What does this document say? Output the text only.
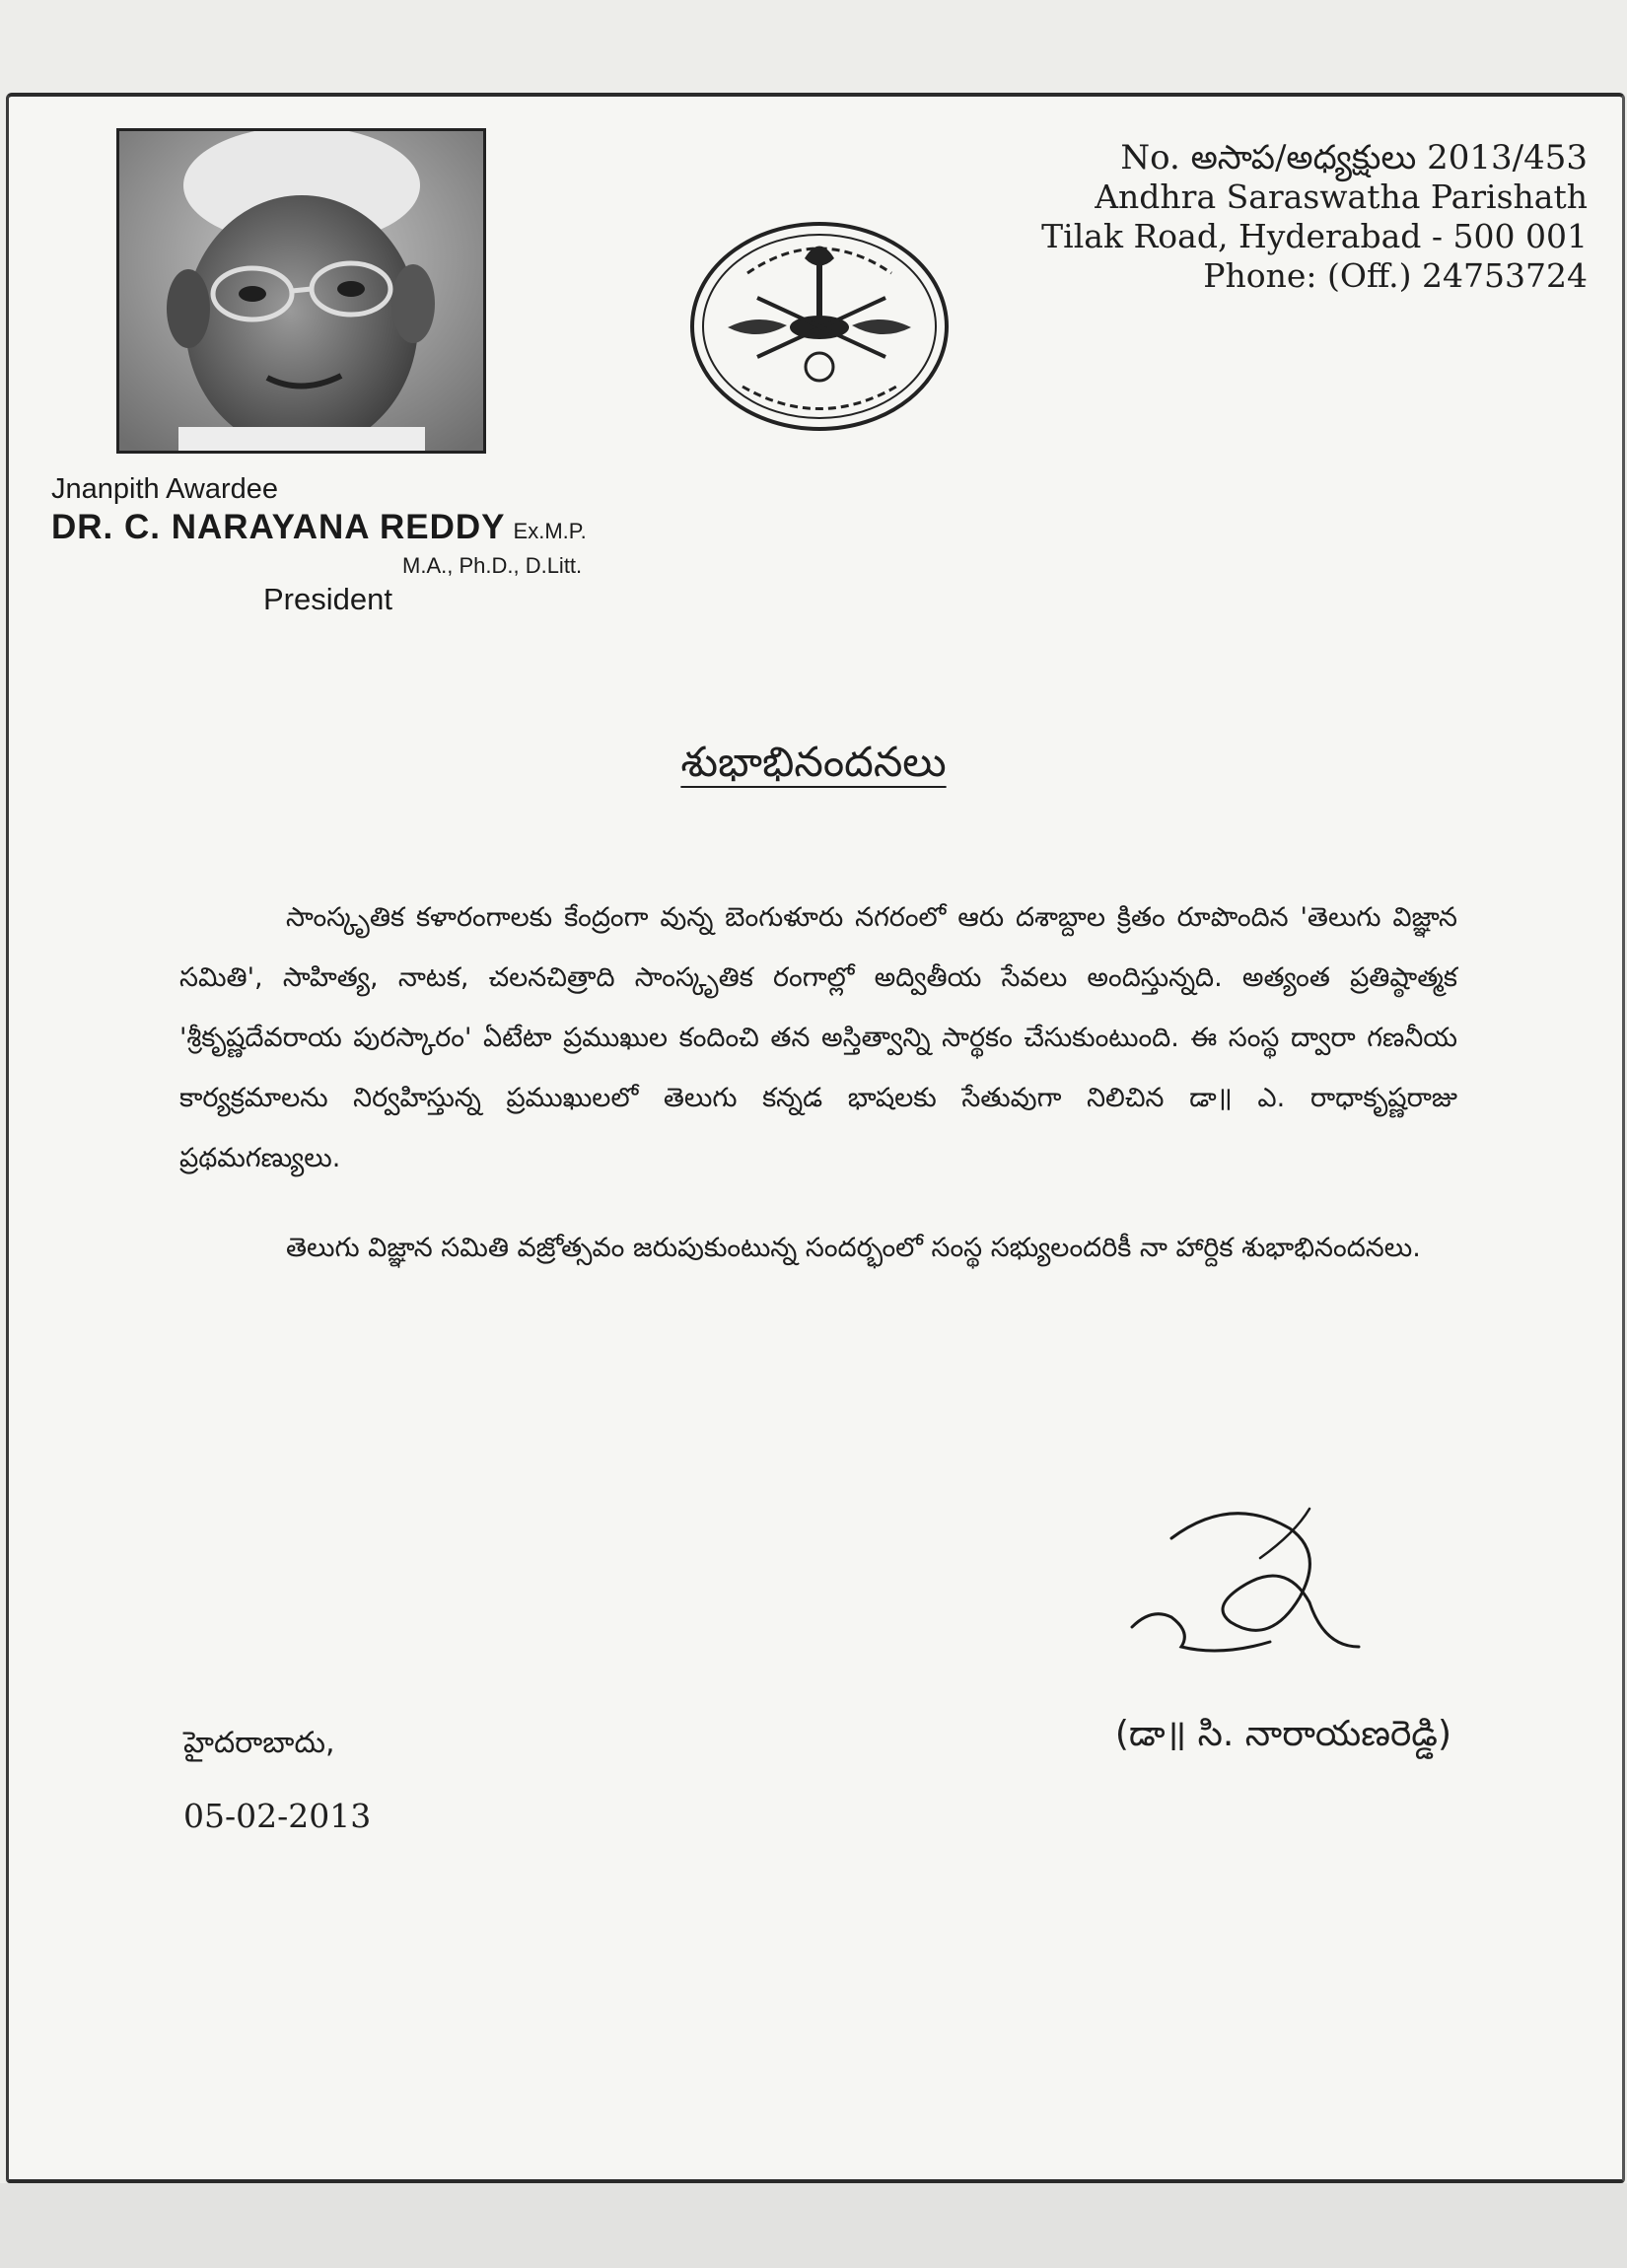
No. అసాప/అధ్యక్షులు 2013/453
Andhra Saraswatha Parishath
Tilak Road, Hyderabad - 500 001
Phone: (Off.) 24753724
Jnanpith Awardee
DR. C. NARAYANA REDDY Ex.M.P.
M.A., Ph.D., D.Litt.
President
శుభాభినందనలు

సాంస్కృతిక కళారంగాలకు కేంద్రంగా వున్న బెంగుళూరు నగరంలో ఆరు దశాబ్దాల క్రితం రూపొందిన 'తెలుగు విజ్ఞాన సమితి', సాహిత్య, నాటక, చలనచిత్రాది సాంస్కృతిక రంగాల్లో అద్వితీయ సేవలు అందిస్తున్నది. అత్యంత ప్రతిష్ఠాత్మక 'శ్రీకృష్ణదేవరాయ పురస్కారం' ఏటేటా ప్రముఖుల కందించి తన అస్తిత్వాన్ని సార్థకం చేసుకుంటుంది. ఈ సంస్థ ద్వారా గణనీయ కార్యక్రమాలను నిర్వహిస్తున్న ప్రముఖులలో తెలుగు కన్నడ భాషలకు సేతువుగా నిలిచిన డా॥ ఎ. రాధాకృష్ణరాజు ప్రథమగణ్యులు.

తెలుగు విజ్ఞాన సమితి వజ్రోత్సవం జరుపుకుంటున్న సందర్భంలో సంస్థ సభ్యులందరికీ నా హార్దిక శుభాభినందనలు.

(డా॥ సి. నారాయణరెడ్డి)
హైదరాబాదు,
05-02-2013
